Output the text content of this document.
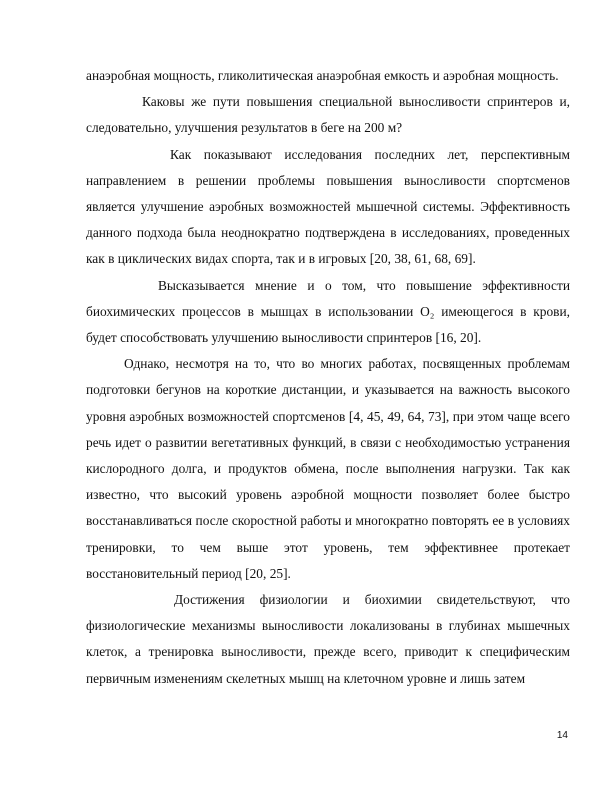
анаэробная мощность, гликолитическая анаэробная емкость и аэробная мощность.

Каковы же пути повышения специальной выносливости спринтеров и, следовательно, улучшения результатов в беге на 200 м?

Как показывают исследования последних лет, перспективным направлением в решении проблемы повышения выносливости спортсменов является улучшение аэробных возможностей мышечной системы. Эффективность данного подхода была неоднократно подтверждена в исследованиях, проведенных как в циклических видах спорта, так и в игровых [20, 38, 61, 68, 69].

Высказывается мнение и о том, что повышение эффективности биохимических процессов в мышцах в использовании O₂ имеющегося в крови, будет способствовать улучшению выносливости спринтеров [16, 20].

Однако, несмотря на то, что во многих работах, посвященных проблемам подготовки бегунов на короткие дистанции, и указывается на важность высокого уровня аэробных возможностей спортсменов [4, 45, 49, 64, 73], при этом чаще всего речь идет о развитии вегетативных функций, в связи с необходимостью устранения кислородного долга, и продуктов обмена, после выполнения нагрузки. Так как известно, что высокий уровень аэробной мощности позволяет более быстро восстанавливаться после скоростной работы и многократно повторять ее в условиях тренировки, то чем выше этот уровень, тем эффективнее протекает восстановительный период [20, 25].

Достижения физиологии и биохимии свидетельствуют, что физиологические механизмы выносливости локализованы в глубинах мышечных клеток, а тренировка выносливости, прежде всего, приводит к специфическим первичным изменениям скелетных мышц на клеточном уровне и лишь затем

14
